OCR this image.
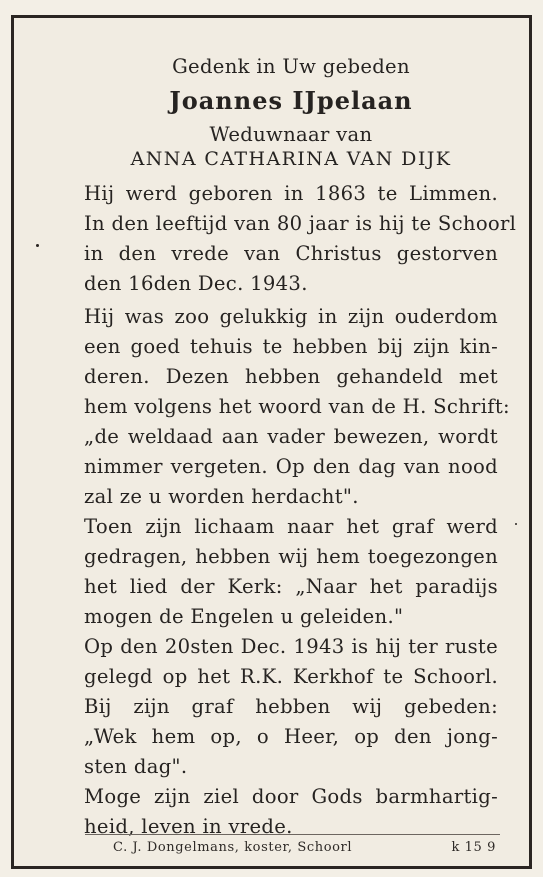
Gedenk in Uw gebeden
Joannes IJpelaan
Weduwnaar van
ANNA CATHARINA VAN DIJK
Hij werd geboren in 1863 te Limmen.
In den leeftijd van 80 jaar is hij te Schoorl
in den vrede van Christus gestorven
den 16den Dec. 1943.
Hij was zoo gelukkig in zijn ouderdom
een goed tehuis te hebben bij zijn kin-
deren. Dezen hebben gehandeld met
hem volgens het woord van de H. Schrift:
„de weldaad aan vader bewezen, wordt
nimmer vergeten. Op den dag van nood
zal ze u worden herdacht".
Toen zijn lichaam naar het graf werd
gedragen, hebben wij hem toegezongen
het lied der Kerk: „Naar het paradijs
mogen de Engelen u geleiden."
Op den 20sten Dec. 1943 is hij ter ruste
gelegd op het R.K. Kerkhof te Schoorl.
Bij zijn graf hebben wij gebeden:
„Wek hem op, o Heer, op den jong-
sten dag".
Moge zijn ziel door Gods barmhartig-
heid, leven in vrede.
C. J. Dongelmans, koster, Schoorl	k 15 9
